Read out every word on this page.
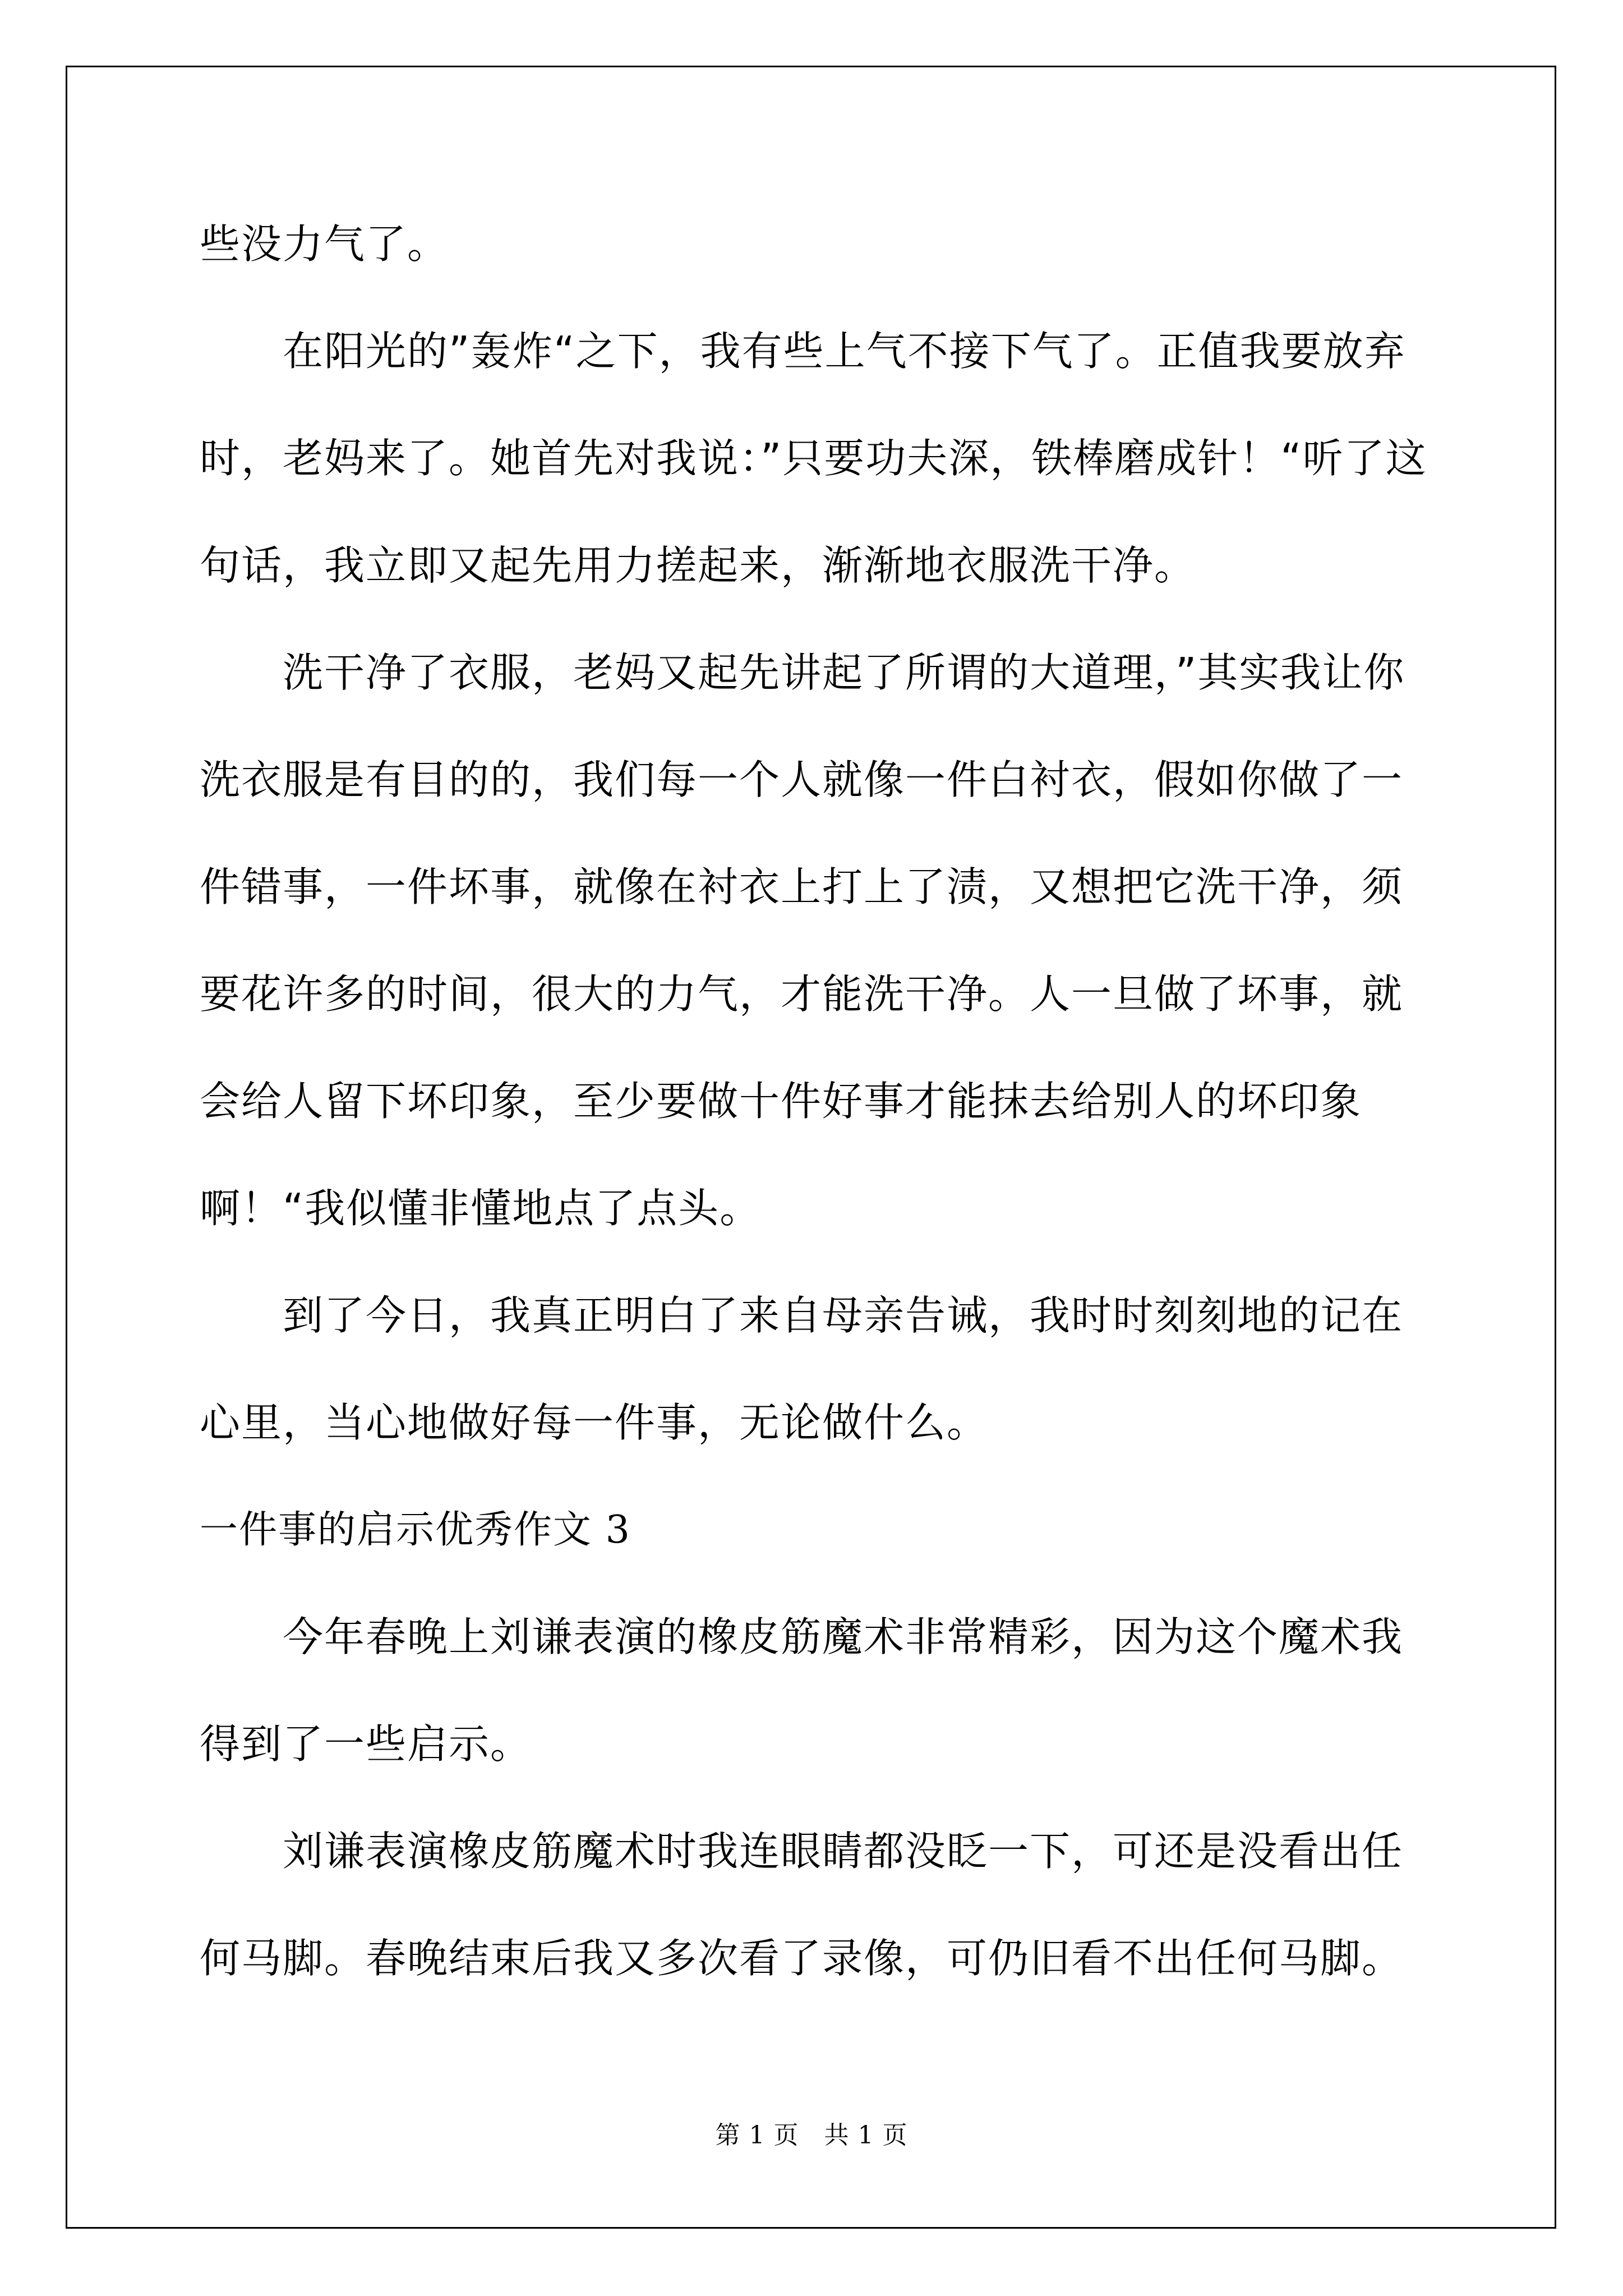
些没力气了。

在阳光的”轰炸“之下，我有些上气不接下气了。正值我要放弃时，老妈来了。她首先对我说：”只要功夫深，铁棒磨成针！“听了这句话，我立即又起先用力搓起来，渐渐地衣服洗干净。

洗干净了衣服，老妈又起先讲起了所谓的大道理，”其实我让你洗衣服是有目的的，我们每一个人就像一件白衬衣，假如你做了一件错事，一件坏事，就像在衬衣上打上了渍，又想把它洗干净，须要花许多的时间，很大的力气，才能洗干净。人一旦做了坏事，就会给人留下坏印象，至少要做十件好事才能抹去给别人的坏印象啊！“我似懂非懂地点了点头。

到了今日，我真正明白了来自母亲告诫，我时时刻刻地的记在心里，当心地做好每一件事，无论做什么。

一件事的启示优秀作文 3

今年春晚上刘谦表演的橡皮筋魔术非常精彩，因为这个魔术我得到了一些启示。

刘谦表演橡皮筋魔术时我连眼睛都没眨一下，可还是没看出任何马脚。春晚结束后我又多次看了录像，可仍旧看不出任何马脚。

第 1 页 共 1 页
